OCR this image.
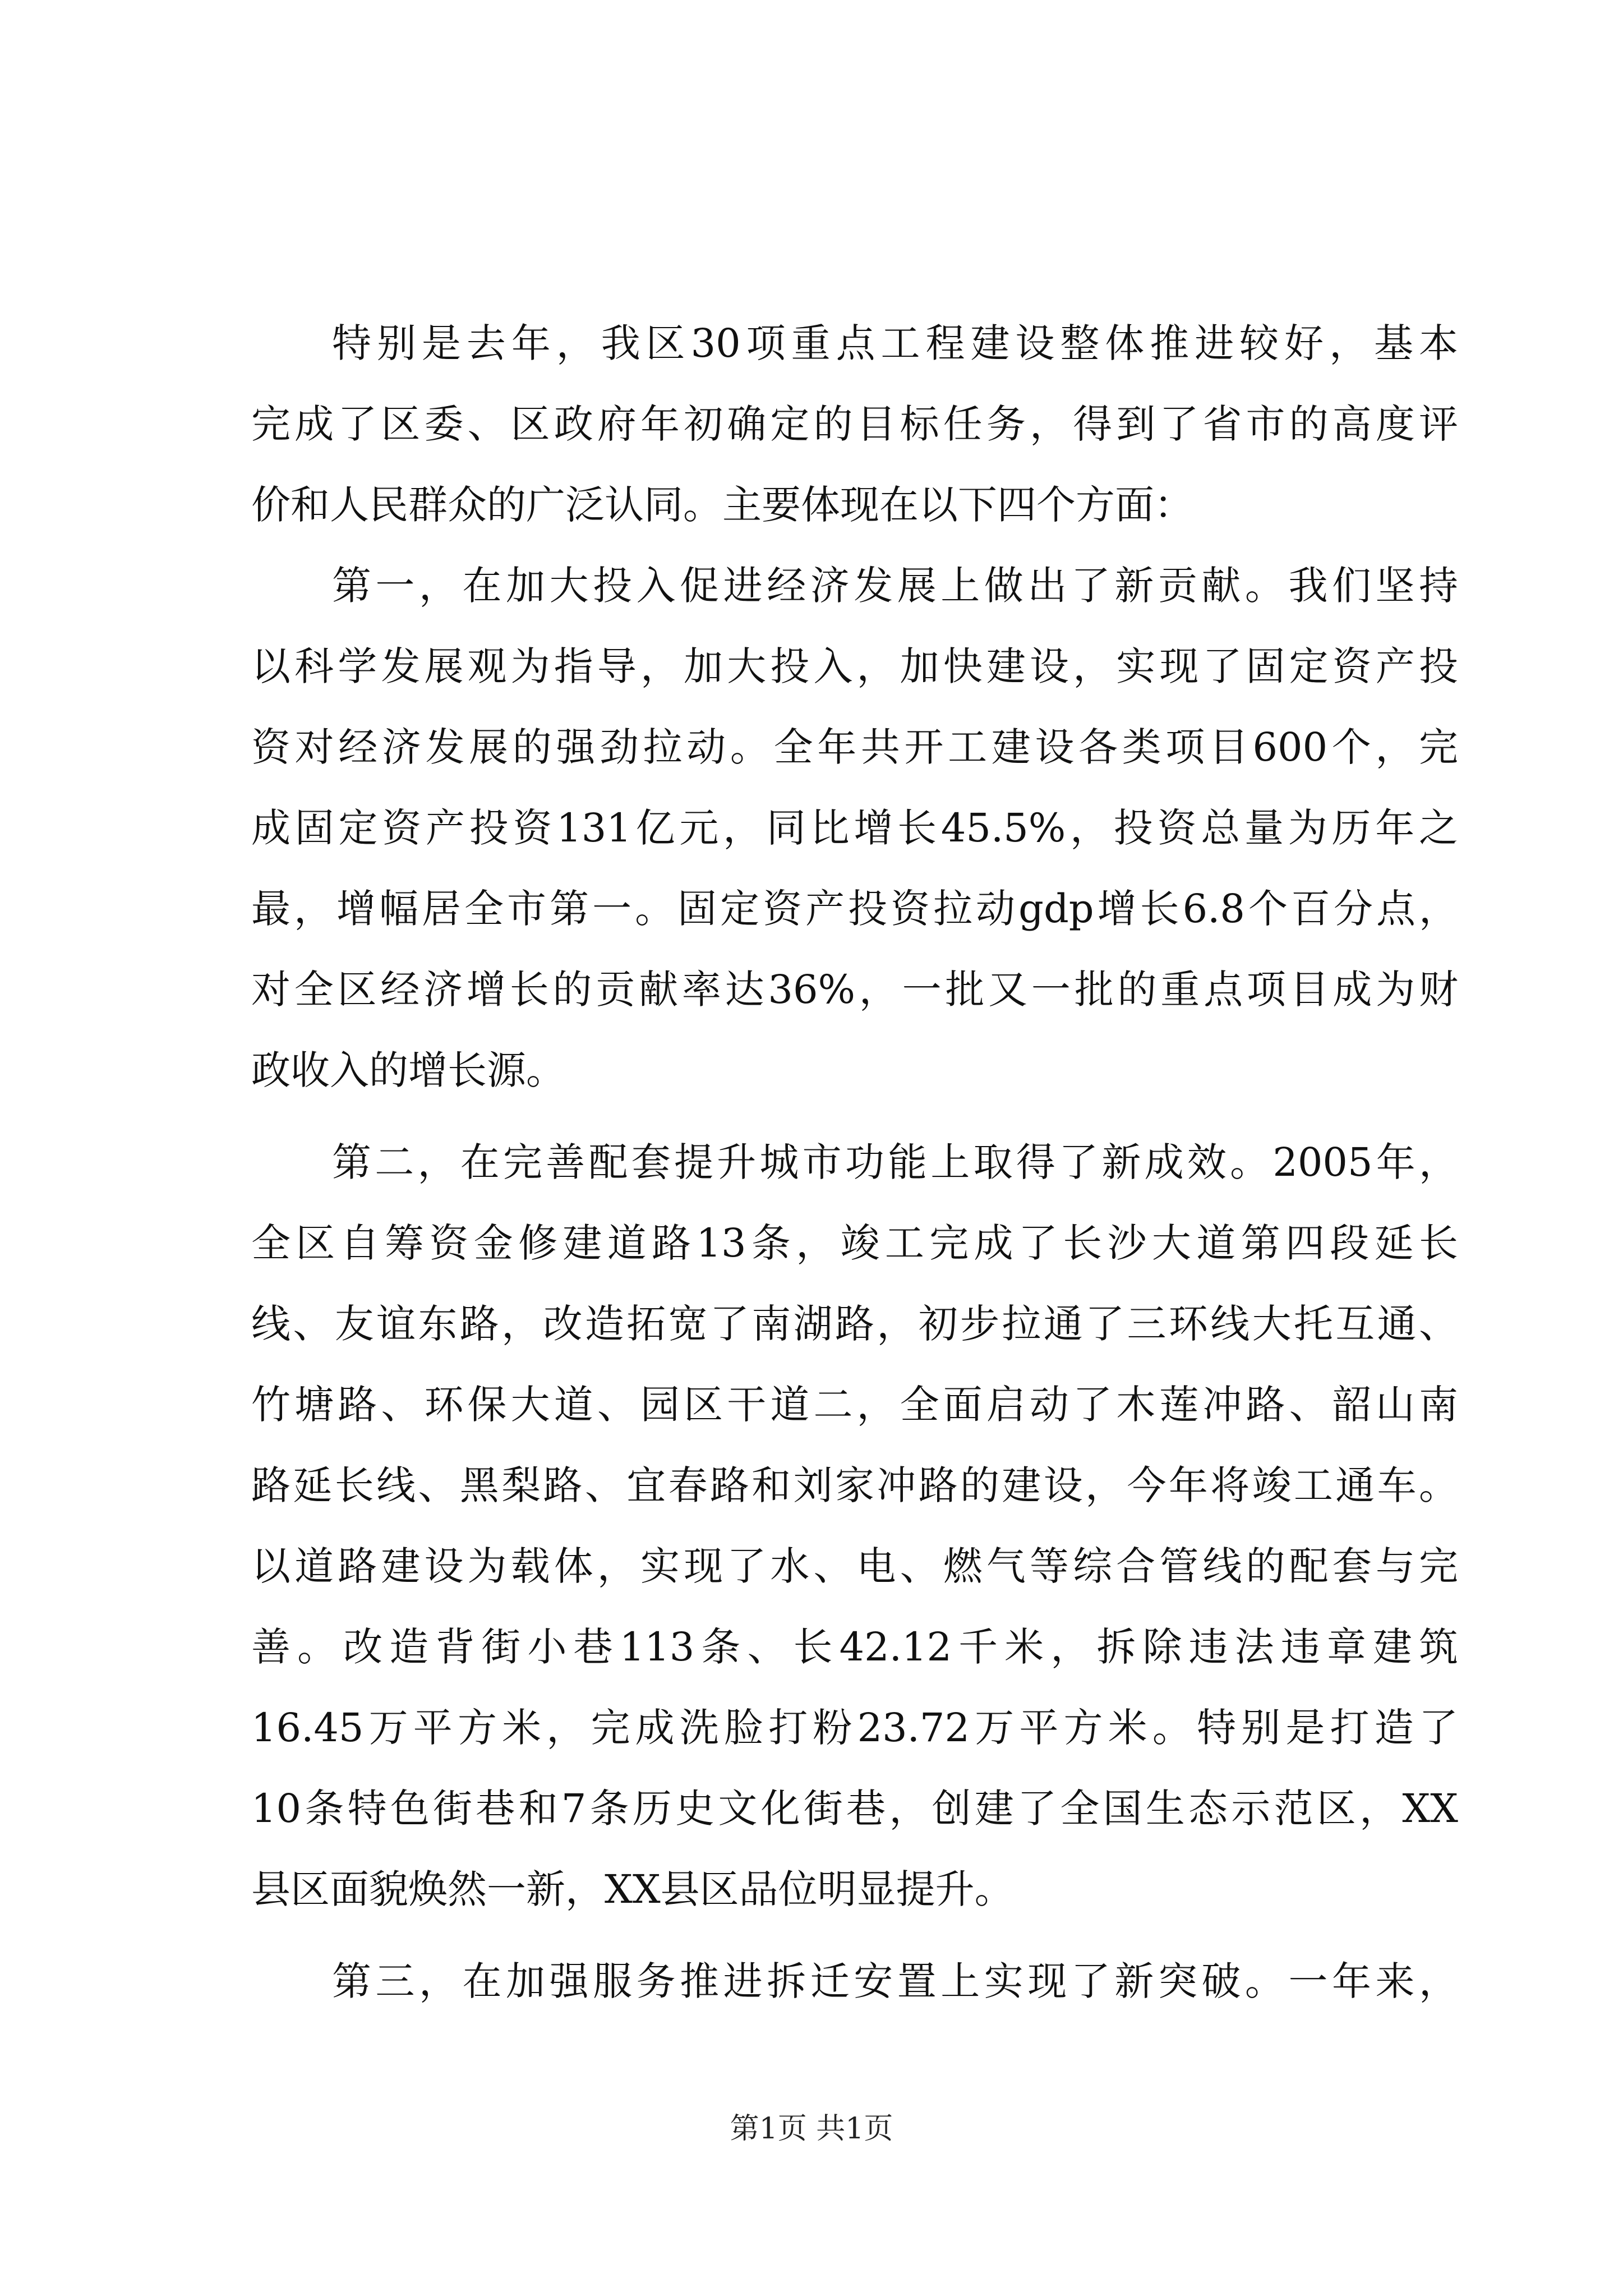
特别是去年，我区30项重点工程建设整体推进较好，基本
完成了区委、区政府年初确定的目标任务，得到了省市的高度评
价和人民群众的广泛认同。主要体现在以下四个方面：
第一，在加大投入促进经济发展上做出了新贡献。我们坚持
以科学发展观为指导，加大投入，加快建设，实现了固定资产投
资对经济发展的强劲拉动。全年共开工建设各类项目600个，完
成固定资产投资131亿元，同比增长45.5%，投资总量为历年之
最，增幅居全市第一。固定资产投资拉动gdp增长6.8个百分点，
对全区经济增长的贡献率达36%，一批又一批的重点项目成为财
政收入的增长源。
第二，在完善配套提升城市功能上取得了新成效。2005年，
全区自筹资金修建道路13条，竣工完成了长沙大道第四段延长
线、友谊东路，改造拓宽了南湖路，初步拉通了三环线大托互通、
竹塘路、环保大道、园区干道二，全面启动了木莲冲路、韶山南
路延长线、黑梨路、宜春路和刘家冲路的建设，今年将竣工通车。
以道路建设为载体，实现了水、电、燃气等综合管线的配套与完
善。改造背街小巷113条、长42.12千米，拆除违法违章建筑
16.45万平方米，完成洗脸打粉23.72万平方米。特别是打造了
10条特色街巷和7条历史文化街巷，创建了全国生态示范区，XX
县区面貌焕然一新，XX县区品位明显提升。
第三，在加强服务推进拆迁安置上实现了新突破。一年来，
第1页 共1页
